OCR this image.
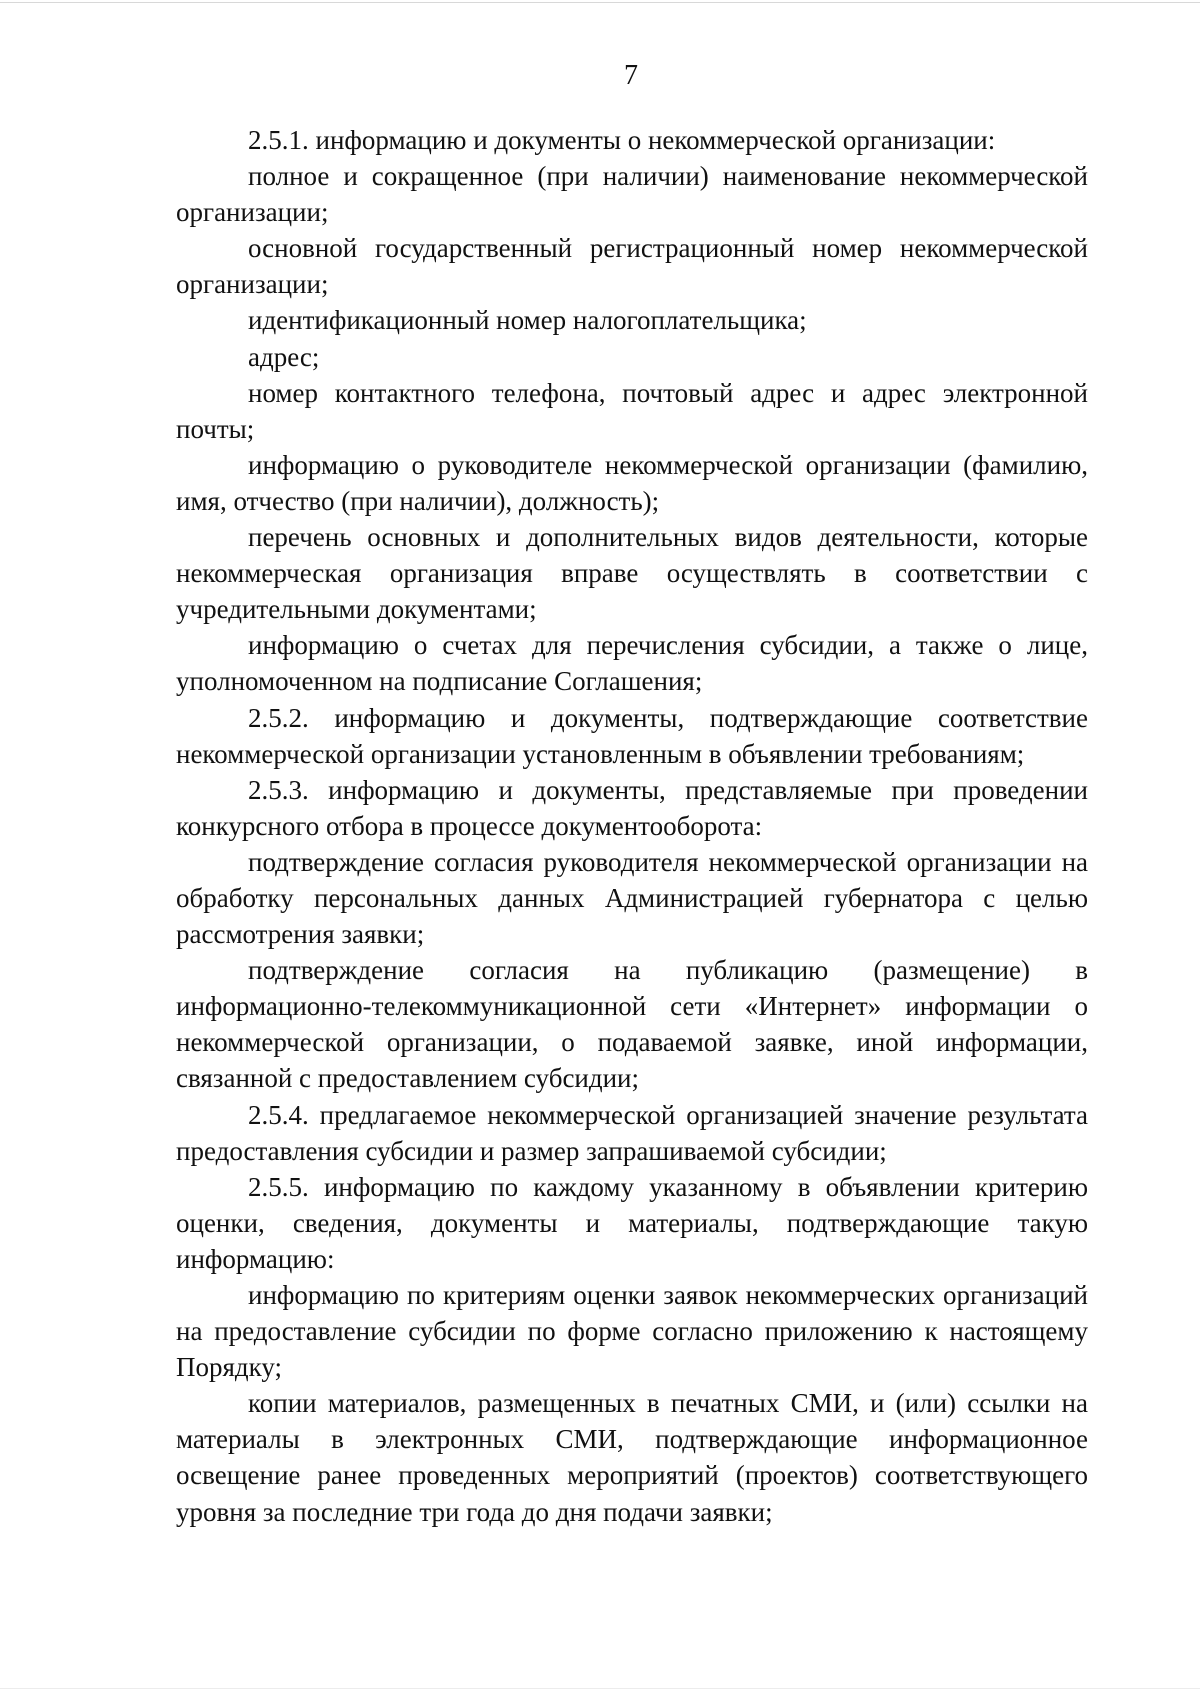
7

2.5.1. информацию и документы о некоммерческой организации:

полное и сокращенное (при наличии) наименование некоммерческой организации;

основной государственный регистрационный номер некоммерческой организации;

идентификационный номер налогоплательщика;

адрес;

номер контактного телефона, почтовый адрес и адрес электронной почты;

информацию о руководителе некоммерческой организации (фамилию, имя, отчество (при наличии), должность);

перечень основных и дополнительных видов деятельности, которые некоммерческая организация вправе осуществлять в соответствии с учредительными документами;

информацию о счетах для перечисления субсидии, а также о лице, уполномоченном на подписание Соглашения;

2.5.2. информацию и документы, подтверждающие соответствие некоммерческой организации установленным в объявлении требованиям;

2.5.3. информацию и документы, представляемые при проведении конкурсного отбора в процессе документооборота:

подтверждение согласия руководителя некоммерческой организации на обработку персональных данных Администрацией губернатора с целью рассмотрения заявки;

подтверждение согласия на публикацию (размещение) в информационно-телекоммуникационной сети «Интернет» информации о некоммерческой организации, о подаваемой заявке, иной информации, связанной с предоставлением субсидии;

2.5.4. предлагаемое некоммерческой организацией значение результата предоставления субсидии и размер запрашиваемой субсидии;

2.5.5. информацию по каждому указанному в объявлении критерию оценки, сведения, документы и материалы, подтверждающие такую информацию:

информацию по критериям оценки заявок некоммерческих организаций на предоставление субсидии по форме согласно приложению к настоящему Порядку;

копии материалов, размещенных в печатных СМИ, и (или) ссылки на материалы в электронных СМИ, подтверждающие информационное освещение ранее проведенных мероприятий (проектов) соответствующего уровня за последние три года до дня подачи заявки;
